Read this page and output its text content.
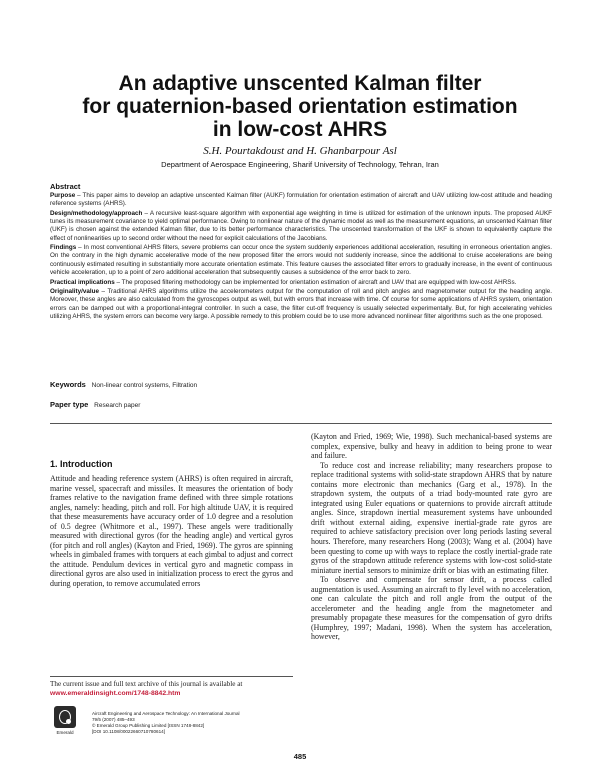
An adaptive unscented Kalman filter
for quaternion-based orientation estimation
in low-cost AHRS
S.H. Pourtakdoust and H. Ghanbarpour Asl
Department of Aerospace Engineering, Sharif University of Technology, Tehran, Iran
Abstract

Purpose – This paper aims to develop an adaptive unscented Kalman filter (AUKF) formulation for orientation estimation of aircraft and UAV utilizing low-cost attitude and heading reference systems (AHRS).

Design/methodology/approach – A recursive least-square algorithm with exponential age weighting in time is utilized for estimation of the unknown inputs. The proposed AUKF tunes its measurement covariance to yield optimal performance. Owing to nonlinear nature of the dynamic model as well as the measurement equations, an unscented Kalman filter (UKF) is chosen against the extended Kalman filter, due to its better performance characteristics. The unscented transformation of the UKF is shown to equivalently capture the effect of nonlinearities up to second order without the need for explicit calculations of the Jacobians.

Findings – In most conventional AHRS filters, severe problems can occur once the system suddenly experiences additional acceleration, resulting in erroneous orientation angles. On the contrary in the high dynamic accelerative mode of the new proposed filter the errors would not suddenly increase, since the additional to cruise accelerations are being continuously estimated resulting in substantially more accurate orientation estimate. This feature causes the associated filter errors to gradually increase, in the event of continuous vehicle acceleration, up to a point of zero additional acceleration that subsequently causes a subsidence of the error back to zero.

Practical implications – The proposed filtering methodology can be implemented for orientation estimation of aircraft and UAV that are equipped with low-cost AHRSs.

Originality/value – Traditional AHRS algorithms utilize the accelerometers output for the computation of roll and pitch angles and magnetometer output for the heading angle. Moreover, these angles are also calculated from the gyroscopes output as well, but with errors that increase with time. Of course for some applications of AHRS system, orientation errors can be damped out with a proportional-integral controller. In such a case, the filter cut-off frequency is usually selected experimentally. But, for high accelerating vehicles utilizing AHRS, the system errors can become very large. A possible remedy to this problem could be to use more advanced nonlinear filter algorithms such as the one proposed.

Keywords Non-linear control systems, Filtration
Paper type Research paper
1. Introduction

Attitude and heading reference system (AHRS) is often required in aircraft, marine vessel, spacecraft and missiles. It measures the orientation of body frames relative to the navigation frame defined with three simple rotations angles, namely: heading, pitch and roll. For high altitude UAV, it is required that these measurements have accuracy order of 1.0 degree and a resolution of 0.5 degree (Whitmore et al., 1997). These angels were traditionally measured with directional gyros (for the heading angle) and vertical gyros (for pitch and roll angles) (Kayton and Fried, 1969). The gyros are spinning wheels in gimbaled frames with torquers at each gimbal to adjust and correct the attitude. Pendulum devices in vertical gyro and magnetic compass in directional gyros are also used in initialization process to erect the gyros and during operation, to remove accumulated errors

(Kayton and Fried, 1969; Wie, 1998). Such mechanical-based systems are complex, expensive, bulky and heavy in addition to being prone to wear and failure.

To reduce cost and increase reliability; many researchers propose to replace traditional systems with solid-state strapdown AHRS that by nature contains more electronic than mechanics (Garg et al., 1978). In the strapdown system, the outputs of a triad body-mounted rate gyro are integrated using Euler equations or quaternions to provide aircraft attitude angles. Since, strapdown inertial measurement systems have unbounded drift without external aiding, expensive inertial-grade rate gyros are required to achieve satisfactory precision over long periods lasting several hours. Therefore, many researchers Hong (2003); Wang et al. (2004) have been questing to come up with ways to replace the costly inertial-grade rate gyros of the strapdown attitude reference systems with low-cost solid-state miniature inertial sensors to minimize drift or bias with an estimating filter.

To observe and compensate for sensor drift, a process called augmentation is used. Assuming an aircraft to fly level with no acceleration, one can calculate the pitch and roll angle from the output of the accelerometer and the heading angle from the magnetometer and presumably propagate these measures for the compensation of gyro drifts (Humphrey, 1997; Madani, 1998). When the system has acceleration, however,

The current issue and full text archive of this journal is available at
www.emeraldinsight.com/1748-8842.htm
Emerald
Aircraft Engineering and Aerospace Technology: An International Journal
79/5 (2007) 485–493
© Emerald Group Publishing Limited [ISSN 1748-8842]
[DOI 10.1108/00022660710780614]
485
